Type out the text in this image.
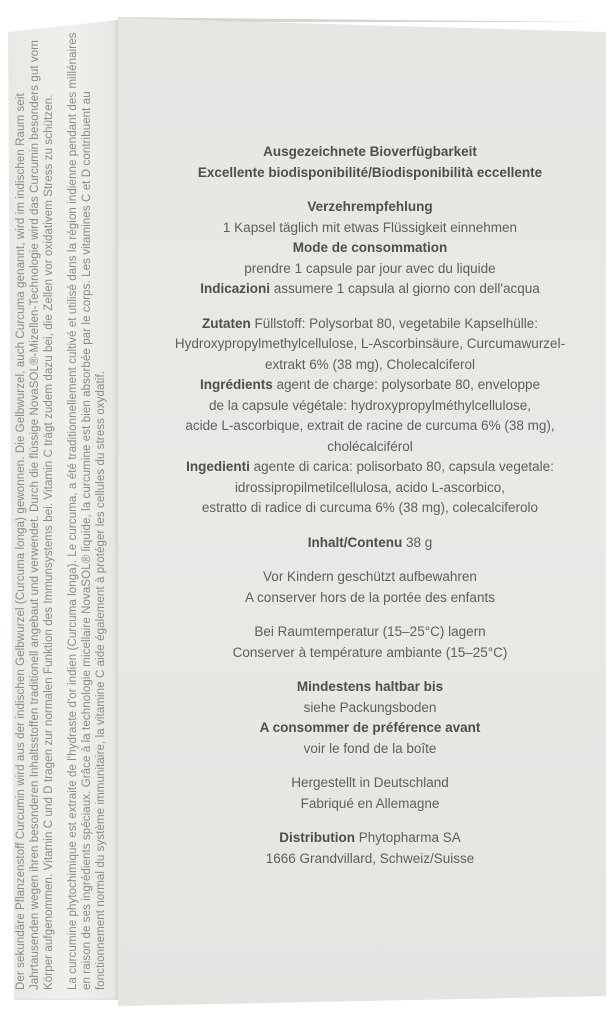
Der sekundäre Pflanzenstoff Curcumin wird aus der indischen Gelbwurzel (Curcuma longa) gewonnen. Die Gelbwurzel, auch Curcuma genannt, wird im indischen Raum seit Jahrtausenden wegen ihren besonderen Inhaltsstoffen traditionell angebaut und verwendet. Durch die flüssige NovaSOL®-Mizellen-Technologie wird das Curcumin besonders gut vom Körper aufgenommen. Vitamin C und D tragen zur normalen Funktion des Immunsystems bei. Vitamin C trägt zudem dazu bei, die Zellen vor oxidativem Stress zu schützen. La curcumine phytochimique est extraite de l'hydraste d'or indien (Curcuma longa). Le curcuma, a été traditionnellement cultivé et utilisé dans la région indienne pendant des millénaires en raison de ses ingrédients spéciaux. Grâce à la technologie micellaire NovaSOL® liquide, la curcumine est bien absorbée par le corps. Les vitamines C et D contribuent au fonctionnement normal du système immunitaire, la vitamine C aide également à protéger les cellules du stress oxydatif.

Ausgezeichnete Bioverfügbarkeit
Excellente biodisponibilité/Biodisponibilità eccellente
Verzehrempfehlung
1 Kapsel täglich mit etwas Flüssigkeit einnehmen
Mode de consommation
prendre 1 capsule par jour avec du liquide
Indicazioni assumere 1 capsula al giorno con dell'acqua
Zutaten Füllstoff: Polysorbat 80, vegetabile Kapselhülle:
Hydroxypropylmethylcellulose, L-Ascorbinsäure, Curcumawurzel-
extrakt 6% (38 mg), Cholecalciferol
Ingrédients agent de charge: polysorbate 80, enveloppe
de la capsule végétale: hydroxypropylméthylcellulose,
acide L-ascorbique, extrait de racine de curcuma 6% (38 mg),
cholécalciférol
Ingedienti agente di carica: polisorbato 80, capsula vegetale:
idrossipropilmetilcellulosa, acido L-ascorbico,
estratto di radice di curcuma 6% (38 mg), colecalciferolo
Inhalt/Contenu 38 g
Vor Kindern geschützt aufbewahren
A conserver hors de la portée des enfants
Bei Raumtemperatur (15–25°C) lagern
Conserver à température ambiante (15–25°C)
Mindestens haltbar bis
siehe Packungsboden
A consommer de préférence avant
voir le fond de la boîte
Hergestellt in Deutschland
Fabriqué en Allemagne
Distribution Phytopharma SA
1666 Grandvillard, Schweiz/Suisse
